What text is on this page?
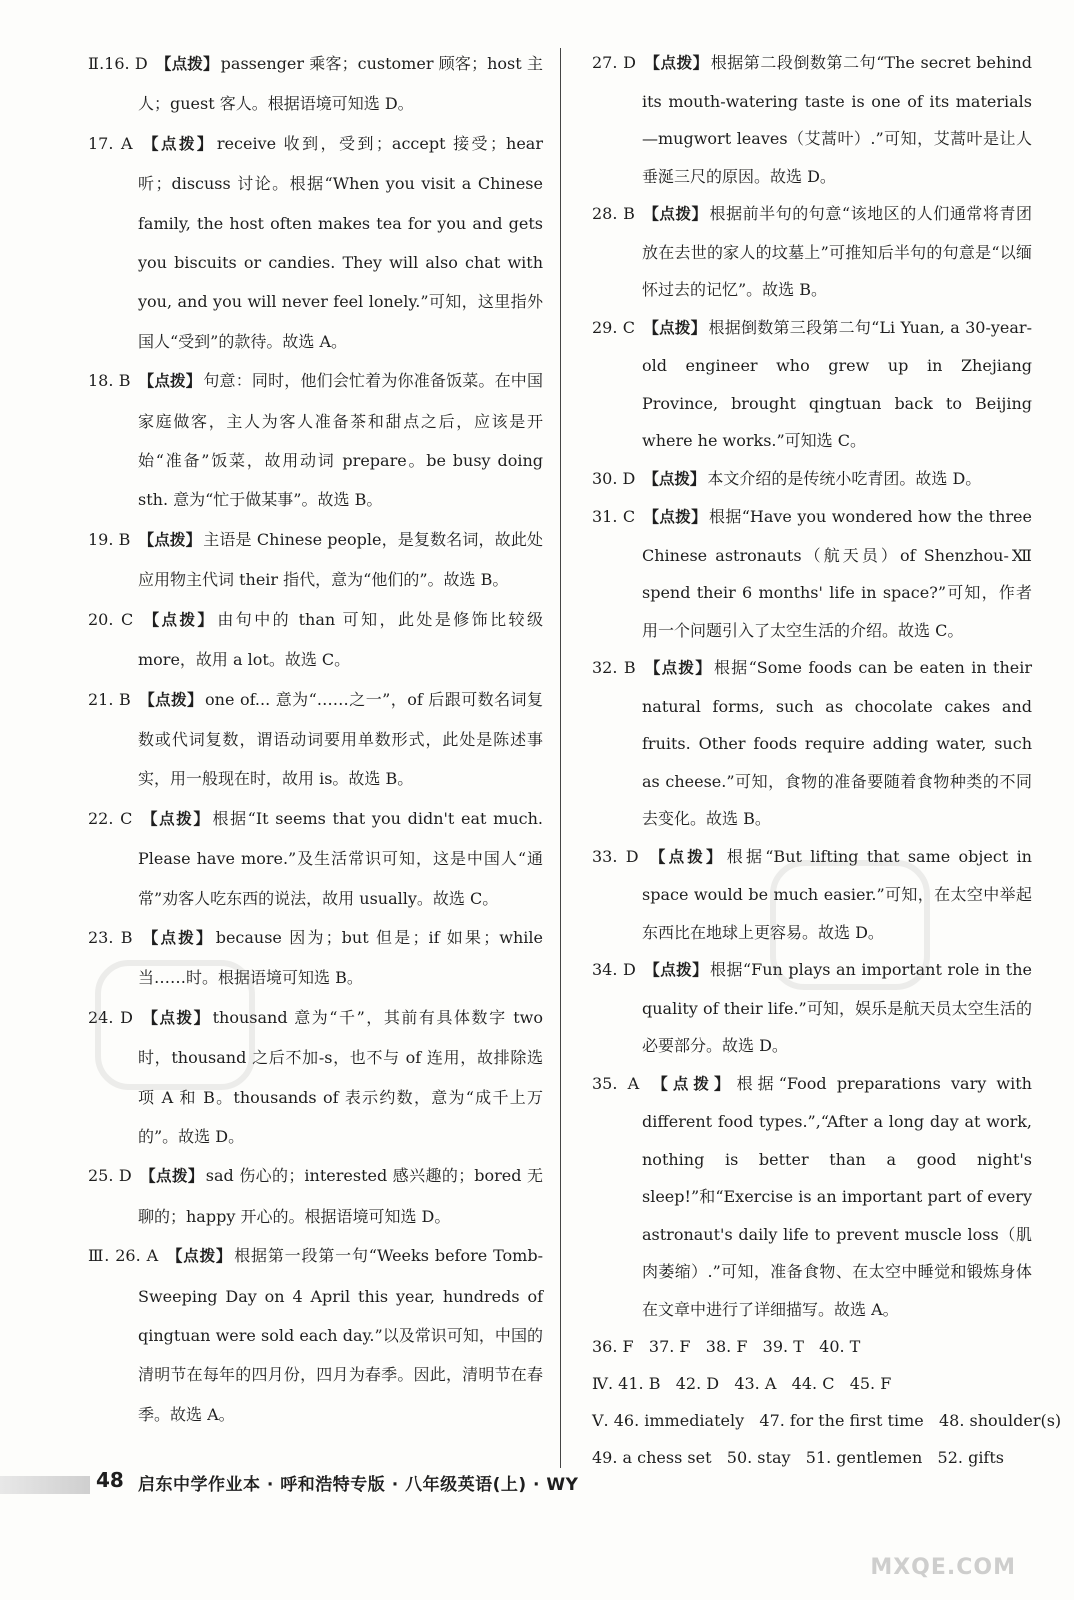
Ⅱ.16. D 【点拨】 passenger 乘客；customer 顾客；host 主人；guest 客人。根据语境可知选 D。

17. A 【点拨】 receive 收到，受到；accept 接受；hear 听；discuss 讨论。根据“When you visit a Chinese family, the host often makes tea for you and gets you biscuits or candies. They will also chat with you, and you will never feel lonely.”可知，这里指外国人“受到”的款待。故选 A。

18. B 【点拨】 句意：同时，他们会忙着为你准备饭菜。在中国家庭做客，主人为客人准备茶和甜点之后，应该是开始“准备”饭菜，故用动词 prepare。be busy doing sth. 意为“忙于做某事”。故选 B。

19. B 【点拨】 主语是 Chinese people，是复数名词，故此处应用物主代词 their 指代，意为“他们的”。故选 B。

20. C 【点拨】 由句中的 than 可知，此处是修饰比较级 more，故用 a lot。故选 C。

21. B 【点拨】 one of... 意为“……之一”，of 后跟可数名词复数或代词复数，谓语动词要用单数形式，此处是陈述事实，用一般现在时，故用 is。故选 B。

22. C 【点拨】 根据“It seems that you didn't eat much. Please have more.”及生活常识可知，这是中国人“通常”劝客人吃东西的说法，故用 usually。故选 C。

23. B 【点拨】 because 因为；but 但是；if 如果；while 当……时。根据语境可知选 B。

24. D 【点拨】 thousand 意为“千”，其前有具体数字 two 时，thousand 之后不加-s，也不与 of 连用，故排除选项 A 和 B。thousands of 表示约数，意为“成千上万的”。故选 D。

25. D 【点拨】 sad 伤心的；interested 感兴趣的；bored 无聊的；happy 开心的。根据语境可知选 D。

Ⅲ. 26. A 【点拨】 根据第一段第一句“Weeks before Tomb-Sweeping Day on 4 April this year, hundreds of qingtuan were sold each day.”以及常识可知，中国的清明节在每年的四月份，四月为春季。因此，清明节在春季。故选 A。

27. D 【点拨】 根据第二段倒数第二句“The secret behind its mouth-watering taste is one of its materials—mugwort leaves（艾蒿叶）.”可知，艾蒿叶是让人垂涎三尺的原因。故选 D。

28. B 【点拨】 根据前半句的句意“该地区的人们通常将青团放在去世的家人的坟墓上”可推知后半句的句意是“以缅怀过去的记忆”。故选 B。

29. C 【点拨】 根据倒数第三段第二句“Li Yuan, a 30-year-old engineer who grew up in Zhejiang Province, brought qingtuan back to Beijing where he works.”可知选 C。

30. D 【点拨】 本文介绍的是传统小吃青团。故选 D。

31. C 【点拨】 根据“Have you wondered how the three Chinese astronauts（航天员）of Shenzhou-Ⅻ spend their 6 months' life in space?”可知，作者用一个问题引入了太空生活的介绍。故选 C。

32. B 【点拨】 根据“Some foods can be eaten in their natural forms, such as chocolate cakes and fruits. Other foods require adding water, such as cheese.”可知，食物的准备要随着食物种类的不同去变化。故选 B。

33. D 【点拨】 根据“But lifting that same object in space would be much easier.”可知，在太空中举起东西比在地球上更容易。故选 D。

34. D 【点拨】 根据“Fun plays an important role in the quality of their life.”可知，娱乐是航天员太空生活的必要部分。故选 D。

35. A 【点拨】 根据“Food preparations vary with different food types.”,“After a long day at work, nothing is better than a good night's sleep!”和“Exercise is an important part of every astronaut's daily life to prevent muscle loss（肌肉萎缩）.”可知，准备食物、在太空中睡觉和锻炼身体在文章中进行了详细描写。故选 A。

36. F   37. F   38. F   39. T   40. T

Ⅳ. 41. B   42. D   43. A   44. C   45. F

Ⅴ. 46. immediately   47. for the first time   48. shoulder(s)

49. a chess set   50. stay   51. gentlemen   52. gifts

48 启东中学作业本 · 呼和浩特专版 · 八年级英语(上) · WY
MXQE.COM
